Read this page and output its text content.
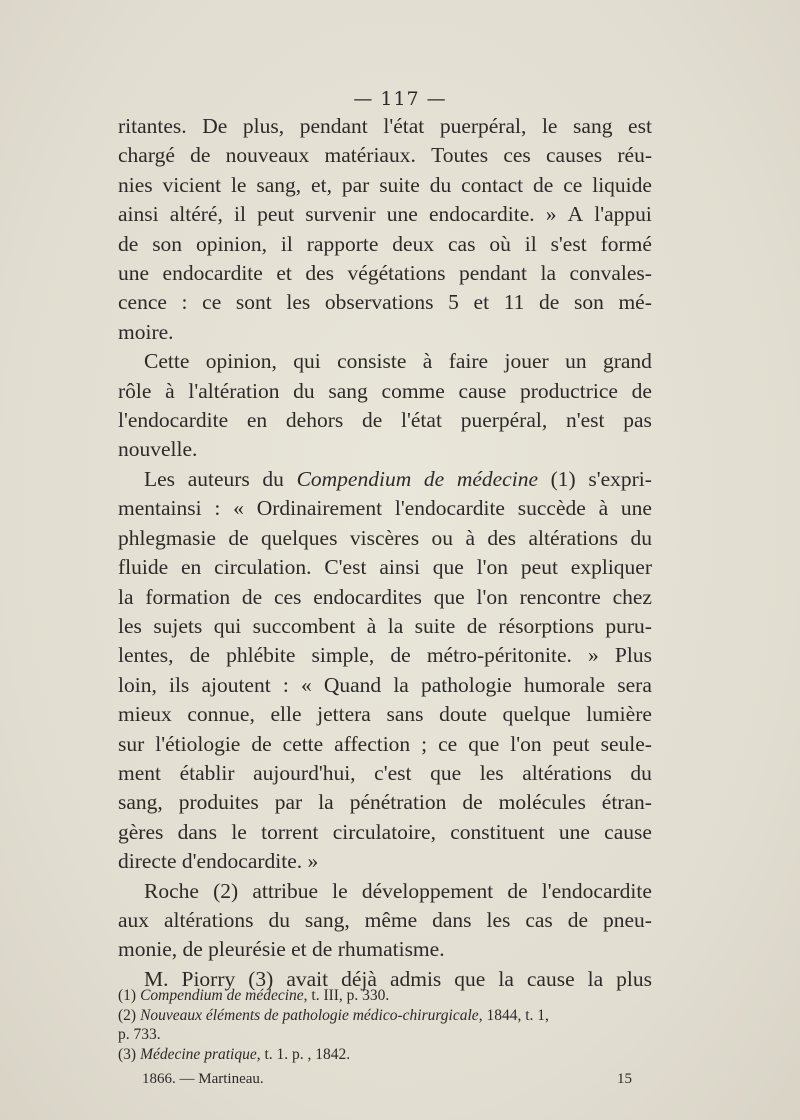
— 117 —
ritantes. De plus, pendant l'état puerpéral, le sang est
chargé de nouveaux matériaux. Toutes ces causes réu-
nies vicient le sang, et, par suite du contact de ce liquide
ainsi altéré, il peut survenir une endocardite. » A l'appui
de son opinion, il rapporte deux cas où il s'est formé
une endocardite et des végétations pendant la convales-
cence : ce sont les observations 5 et 11 de son mé-
moire.
Cette opinion, qui consiste à faire jouer un grand
rôle à l'altération du sang comme cause productrice de
l'endocardite en dehors de l'état puerpéral, n'est pas
nouvelle.
Les auteurs du Compendium de médecine (1) s'expri-
mentainsi : « Ordinairement l'endocardite succède à une
phlegmasie de quelques viscères ou à des altérations du
fluide en circulation. C'est ainsi que l'on peut expliquer
la formation de ces endocardites que l'on rencontre chez
les sujets qui succombent à la suite de résorptions puru-
lentes, de phlébite simple, de métro-péritonite. » Plus
loin, ils ajoutent : « Quand la pathologie humorale sera
mieux connue, elle jettera sans doute quelque lumière
sur l'étiologie de cette affection ; ce que l'on peut seule-
ment établir aujourd'hui, c'est que les altérations du
sang, produites par la pénétration de molécules étran-
gères dans le torrent circulatoire, constituent une cause
directe d'endocardite. »
Roche (2) attribue le développement de l'endocardite
aux altérations du sang, même dans les cas de pneu-
monie, de pleurésie et de rhumatisme.
M. Piorry (3) avait déjà admis que la cause la plus
(1) Compendium de médecine, t. III, p. 330.
(2) Nouveaux éléments de pathologie médico-chirurgicale, 1844, t. 1,
p. 733.
(3) Médecine pratique, t. 1. p. , 1842.
1866. — Martineau.	15
